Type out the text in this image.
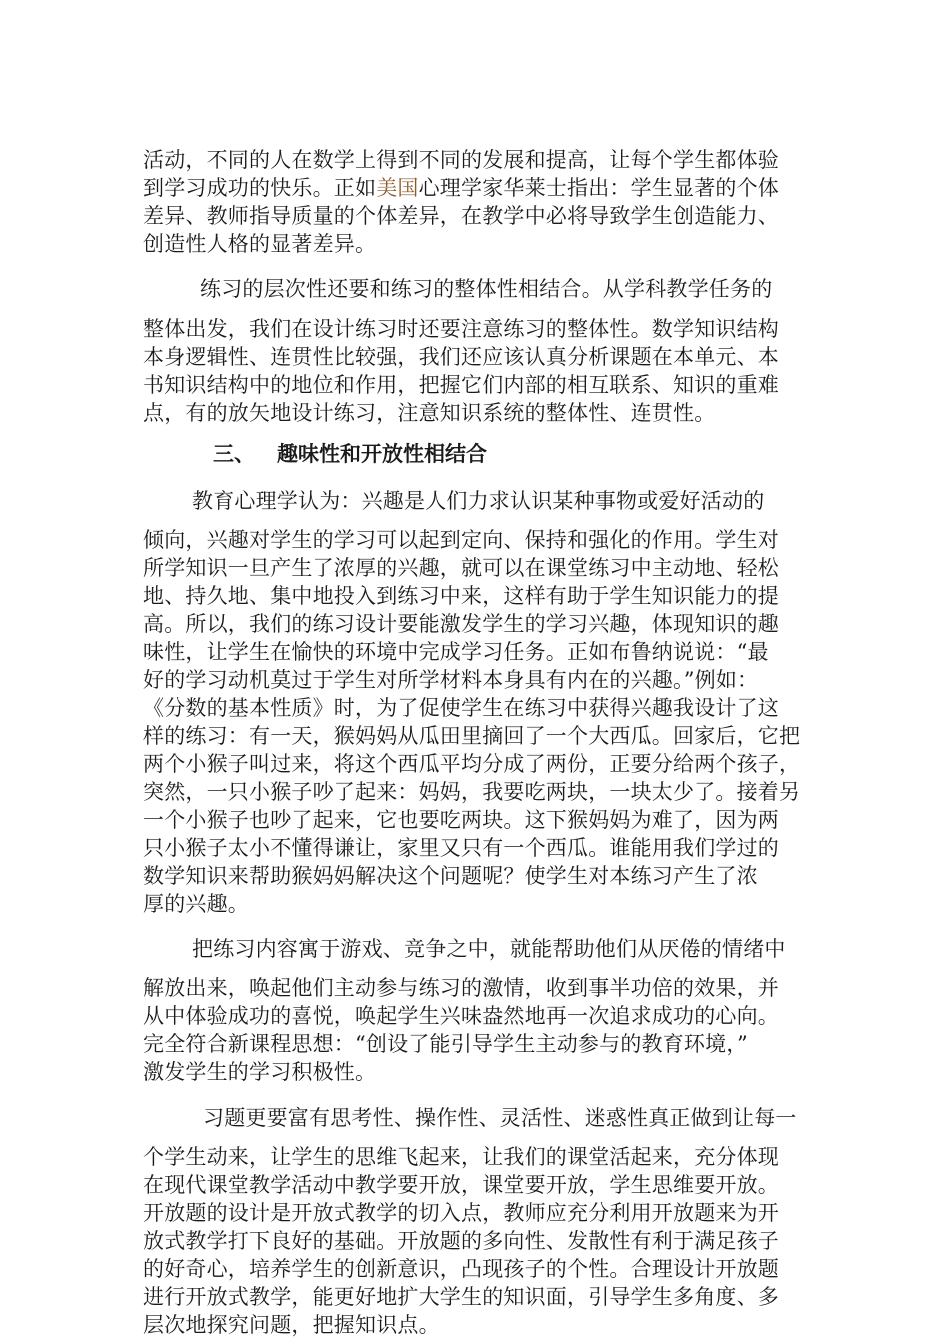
活动，不同的人在数学上得到不同的发展和提高，让每个学生都体验
到学习成功的快乐。正如美国心理学家华莱士指出：学生显著的个体
差异、教师指导质量的个体差异，在教学中必将导致学生创造能力、
创造性人格的显著差异。
练习的层次性还要和练习的整体性相结合。从学科教学任务的
整体出发，我们在设计练习时还要注意练习的整体性。数学知识结构
本身逻辑性、连贯性比较强，我们还应该认真分析课题在本单元、本
书知识结构中的地位和作用，把握它们内部的相互联系、知识的重难
点，有的放矢地设计练习，注意知识系统的整体性、连贯性。
三、 趣味性和开放性相结合
教育心理学认为：兴趣是人们力求认识某种事物或爱好活动的
倾向，兴趣对学生的学习可以起到定向、保持和强化的作用。学生对
所学知识一旦产生了浓厚的兴趣，就可以在课堂练习中主动地、轻松
地、持久地、集中地投入到练习中来，这样有助于学生知识能力的提
高。所以，我们的练习设计要能激发学生的学习兴趣，体现知识的趣
味性，让学生在愉快的环境中完成学习任务。正如布鲁纳说说：“最
好的学习动机莫过于学生对所学材料本身具有内在的兴趣。”例如：
《分数的基本性质》时，为了促使学生在练习中获得兴趣我设计了这
样的练习：有一天，猴妈妈从瓜田里摘回了一个大西瓜。回家后，它把
两个小猴子叫过来，将这个西瓜平均分成了两份，正要分给两个孩子，
突然，一只小猴子吵了起来：妈妈，我要吃两块，一块太少了。接着另
一个小猴子也吵了起来，它也要吃两块。这下猴妈妈为难了，因为两
只小猴子太小不懂得谦让，家里又只有一个西瓜。谁能用我们学过的
数学知识来帮助猴妈妈解决这个问题呢？使学生对本练习产生了浓
厚的兴趣。
把练习内容寓于游戏、竞争之中，就能帮助他们从厌倦的情绪中
解放出来，唤起他们主动参与练习的激情，收到事半功倍的效果，并
从中体验成功的喜悦，唤起学生兴味盎然地再一次追求成功的心向。
完全符合新课程思想：“创设了能引导学生主动参与的教育环境，”
激发学生的学习积极性。
习题更要富有思考性、操作性、灵活性、迷惑性真正做到让每一
个学生动来，让学生的思维飞起来，让我们的课堂活起来，充分体现
在现代课堂教学活动中教学要开放，课堂要开放，学生思维要开放。
开放题的设计是开放式教学的切入点，教师应充分利用开放题来为开
放式教学打下良好的基础。开放题的多向性、发散性有利于满足孩子
的好奇心，培养学生的创新意识，凸现孩子的个性。合理设计开放题
进行开放式教学，能更好地扩大学生的知识面，引导学生多角度、多
层次地探究问题，把握知识点。
